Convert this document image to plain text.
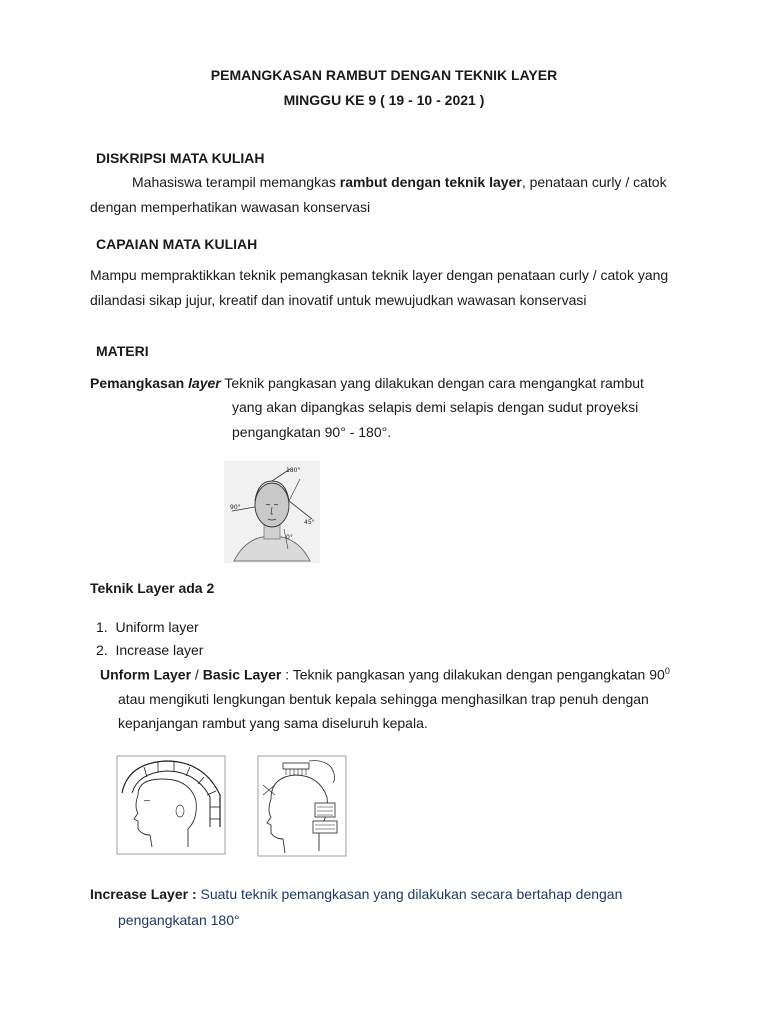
PEMANGKASAN RAMBUT DENGAN TEKNIK LAYER
MINGGU KE 9 ( 19 - 10 - 2021 )
DISKRIPSI MATA KULIAH
Mahasiswa terampil memangkas rambut dengan teknik layer, penataan curly / catok
dengan memperhatikan wawasan konservasi
CAPAIAN MATA KULIAH
Mampu mempraktikkan teknik pemangkasan teknik layer dengan penataan curly / catok yang
dilandasi sikap jujur, kreatif dan inovatif untuk mewujudkan wawasan konservasi
MATERI
Pemangkasan layer Teknik pangkasan yang dilakukan dengan cara mengangkat rambut
yang akan dipangkas selapis demi selapis dengan sudut proyeksi
pengangkatan 90° - 180°.
180°
90°
45°
0°
Teknik Layer ada 2
1.  Uniform layer
2.  Increase layer
Unform Layer / Basic Layer : Teknik pangkasan yang dilakukan dengan pengangkatan $90^0$
atau mengikuti lengkungan bentuk kepala sehingga menghasilkan trap penuh dengan
kepanjangan rambut yang sama diseluruh kepala.
Increase Layer : Suatu teknik pemangkasan yang dilakukan secara bertahap dengan
pengangkatan 180°
